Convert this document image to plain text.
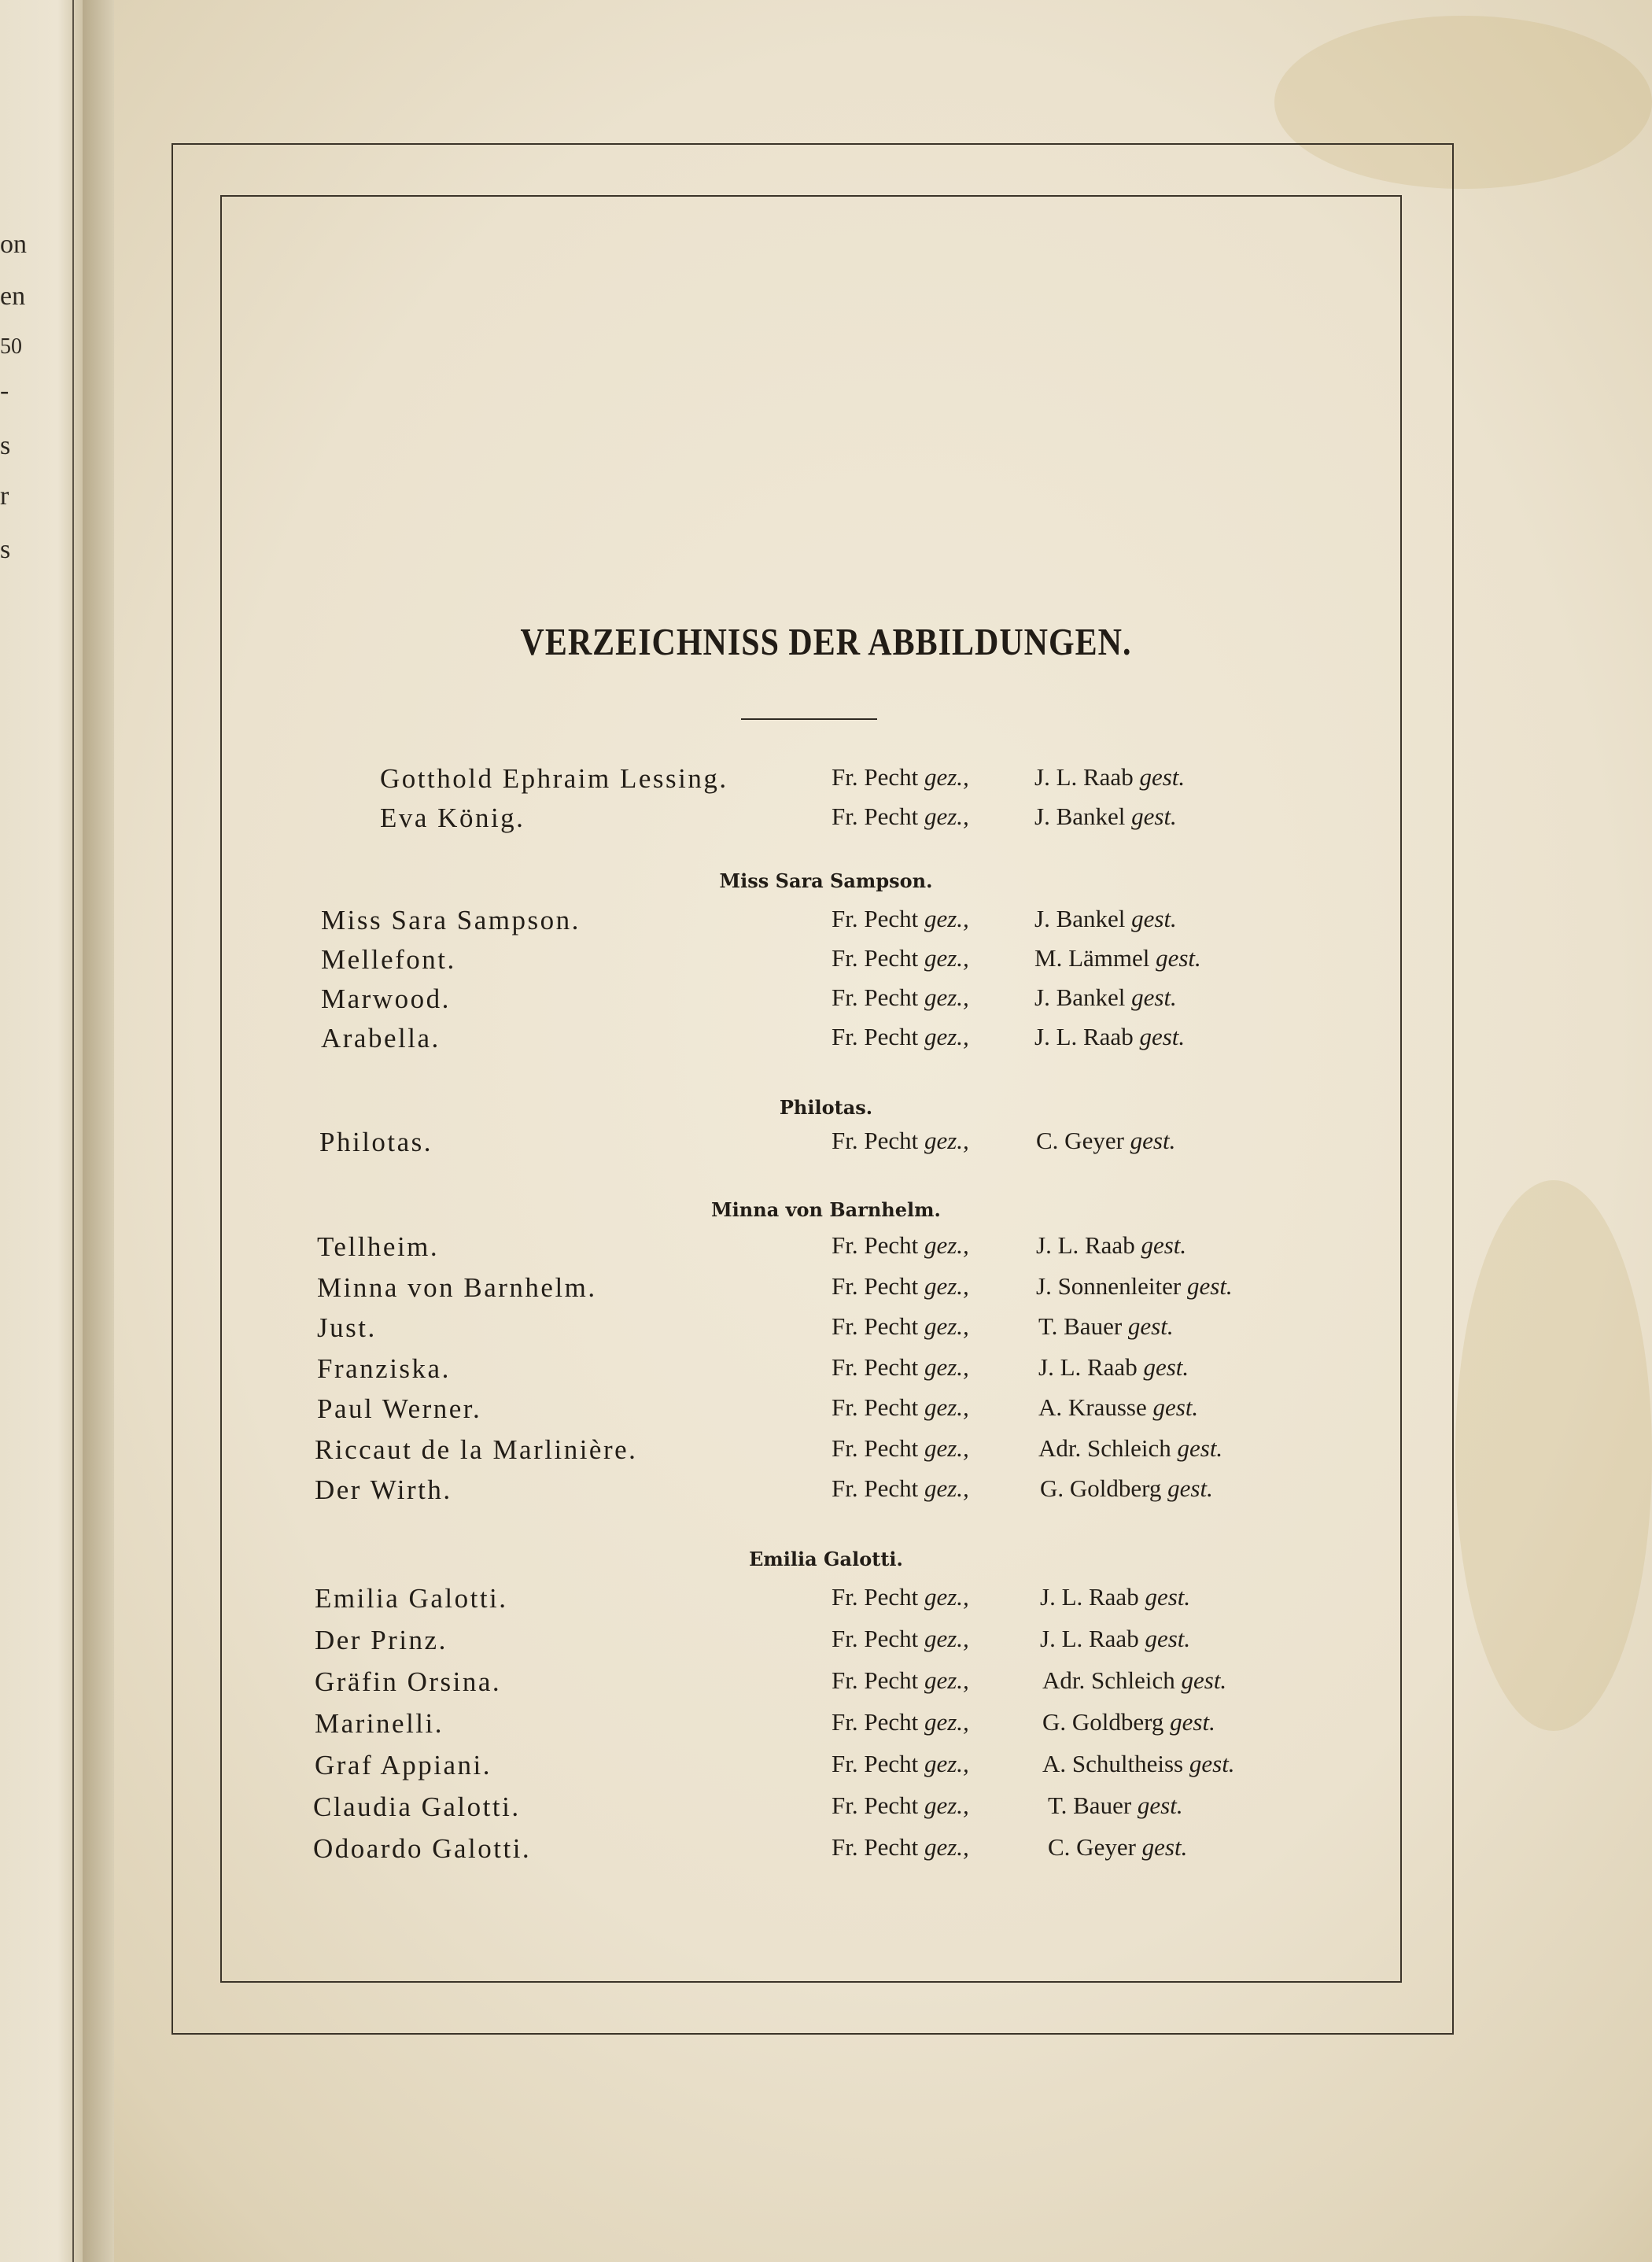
on
en
50
-
s
r
s
VERZEICHNISS DER ABBILDUNGEN.
Gotthold Ephraim Lessing.	Fr. Pecht gez.,	J. L. Raab gest.
Eva König.	Fr. Pecht gez.,	J. Bankel gest.
Miss Sara Sampson.
Miss Sara Sampson.	Fr. Pecht gez.,	J. Bankel gest.
Mellefont.	Fr. Pecht gez.,	M. Lämmel gest.
Marwood.	Fr. Pecht gez.,	J. Bankel gest.
Arabella.	Fr. Pecht gez.,	J. L. Raab gest.
Philotas.
Philotas.	Fr. Pecht gez.,	C. Geyer gest.
Minna von Barnhelm.
Tellheim.	Fr. Pecht gez.,	J. L. Raab gest.
Minna von Barnhelm.	Fr. Pecht gez.,	J. Sonnenleiter gest.
Just.	Fr. Pecht gez.,	T. Bauer gest.
Franziska.	Fr. Pecht gez.,	J. L. Raab gest.
Paul Werner.	Fr. Pecht gez.,	A. Krausse gest.
Riccaut de la Marlinière.	Fr. Pecht gez.,	Adr. Schleich gest.
Der Wirth.	Fr. Pecht gez.,	G. Goldberg gest.
Emilia Galotti.
Emilia Galotti.	Fr. Pecht gez.,	J. L. Raab gest.
Der Prinz.	Fr. Pecht gez.,	J. L. Raab gest.
Gräfin Orsina.	Fr. Pecht gez.,	Adr. Schleich gest.
Marinelli.	Fr. Pecht gez.,	G. Goldberg gest.
Graf Appiani.	Fr. Pecht gez.,	A. Schultheiss gest.
Claudia Galotti.	Fr. Pecht gez.,	T. Bauer gest.
Odoardo Galotti.	Fr. Pecht gez.,	C. Geyer gest.
